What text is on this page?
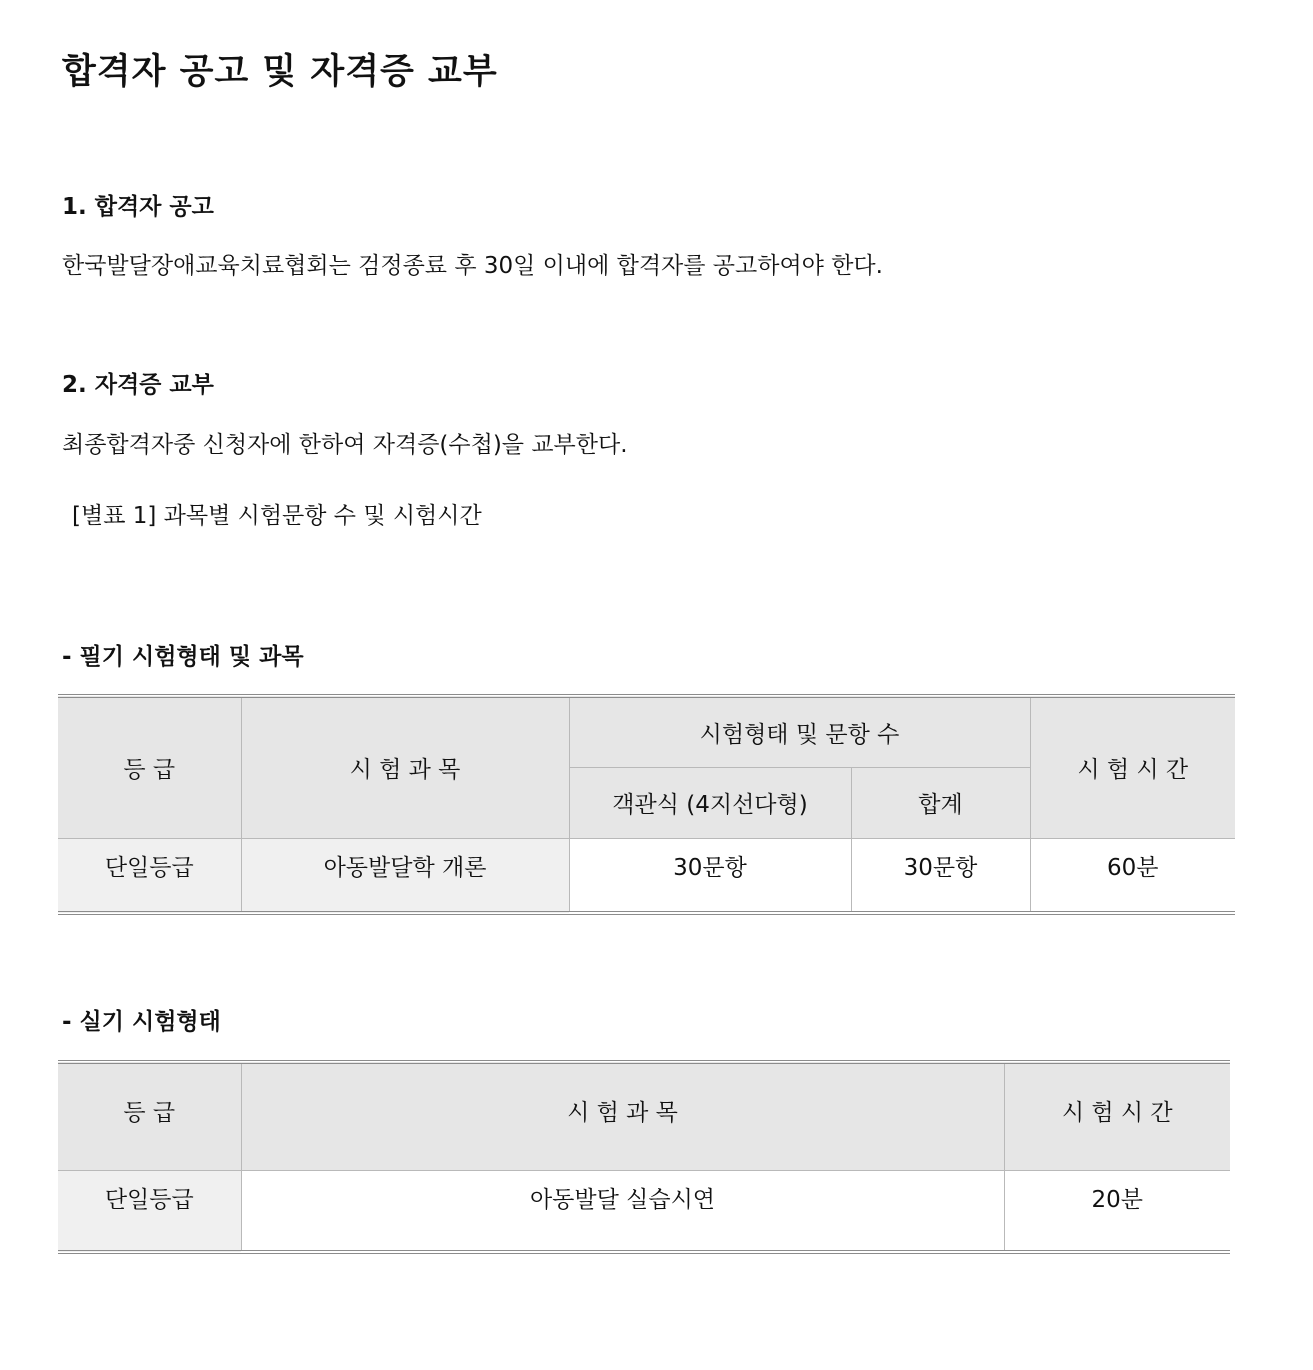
합격자 공고 및 자격증 교부
1. 합격자 공고
한국발달장애교육치료협회는 검정종료 후 30일 이내에 합격자를 공고하여야 한다.
2. 자격증 교부
최종합격자중 신청자에 한하여 자격증(수첩)을 교부한다.
[별표 1] 과목별 시험문항 수 및 시험시간
- 필기 시험형태 및 과목
등 급	시 험 과 목	시험형태 및 문항 수		시 험 시 간
		객관식 (4지선다형)	합계	
단일등급	아동발달학 개론	30문항	30문항	60분
- 실기 시험형태
등 급	시 험 과 목	시 험 시 간
단일등급	아동발달 실습시연	20분
